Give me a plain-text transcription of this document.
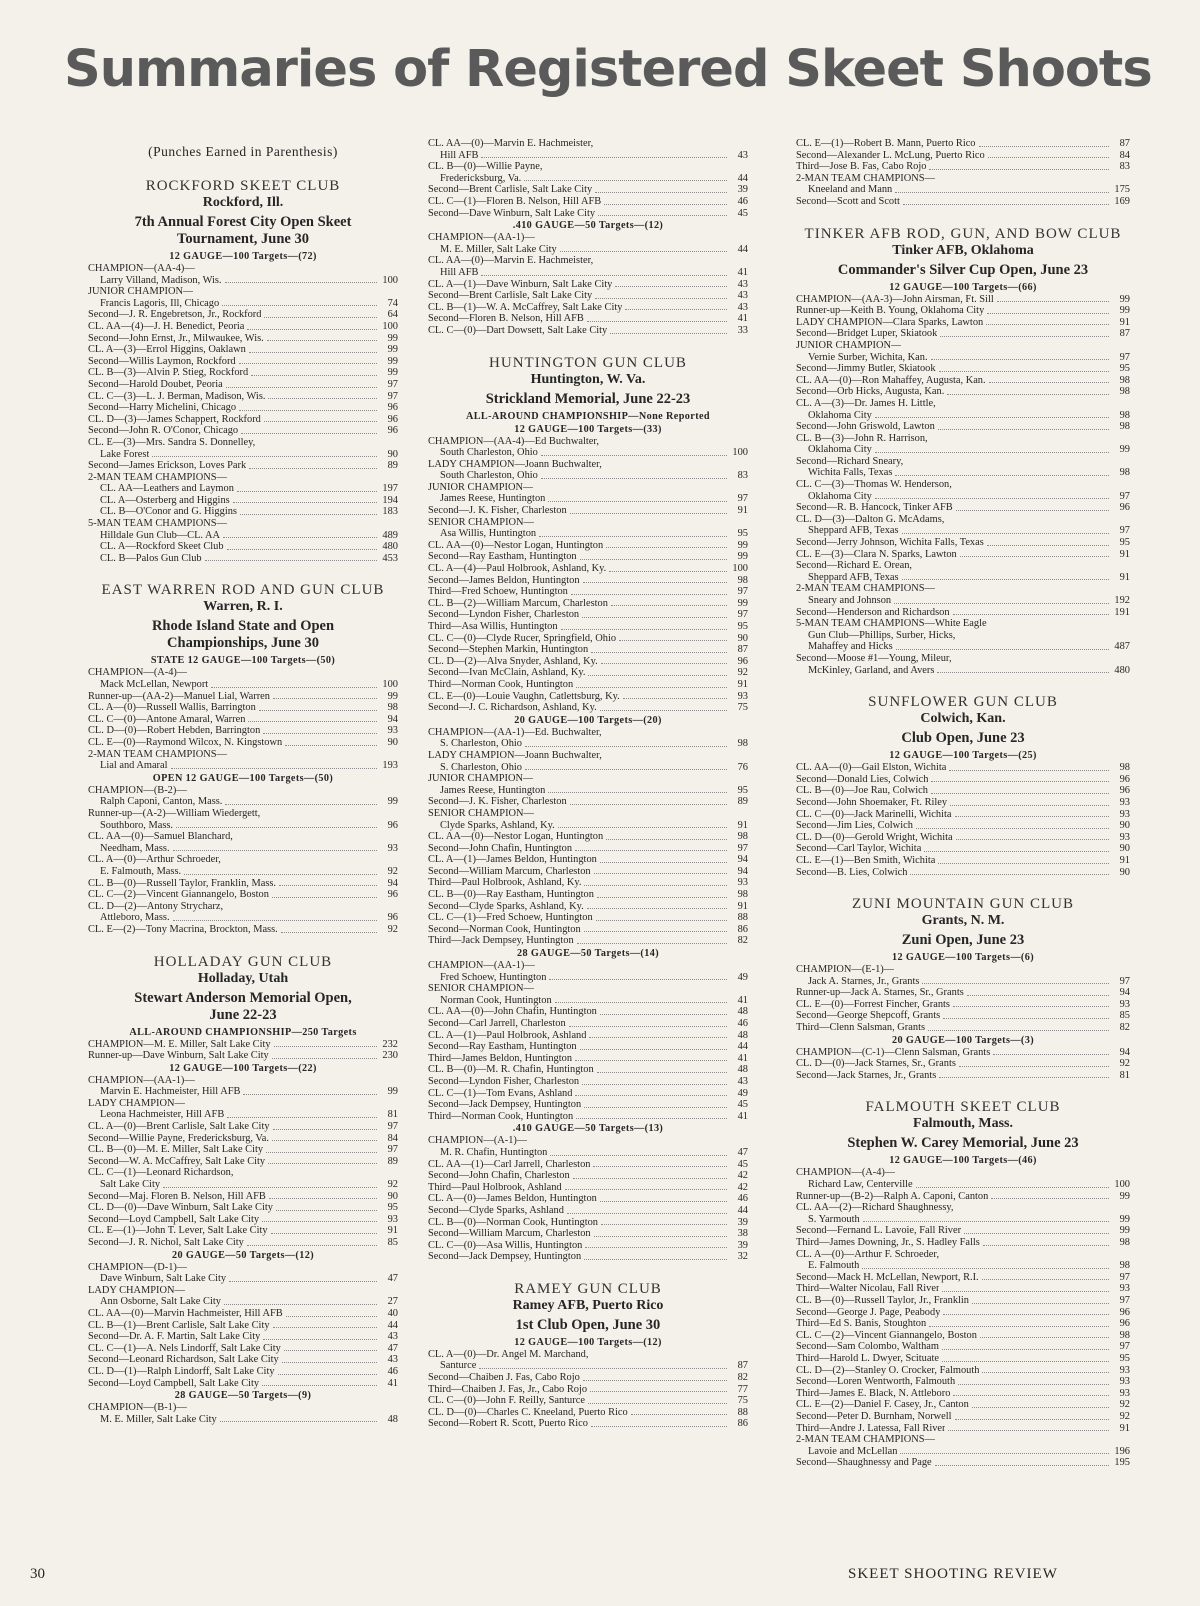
Summaries of Registered Skeet Shoots
(Punches Earned in Parenthesis)
ROCKFORD SKEET CLUB
Rockford, Ill.
7th Annual Forest City Open Skeet
Tournament, June 30
12 GAUGE—100 Targets—(72)
CHAMPION—(AA-4)—
Larry Villand, Madison, Wis.	100
JUNIOR CHAMPION—
Francis Lagoris, Ill, Chicago	74
Second—J. R. Engebretson, Jr., Rockford	64
CL. AA—(4)—J. H. Benedict, Peoria	100
Second—John Ernst, Jr., Milwaukee, Wis.	99
CL. A—(3)—Errol Higgins, Oaklawn	99
Second—Willis Laymon, Rockford	99
CL. B—(3)—Alvin P. Stieg, Rockford	99
Second—Harold Doubet, Peoria	97
CL. C—(3)—L. J. Berman, Madison, Wis.	97
Second—Harry Michelini, Chicago	96
CL. D—(3)—James Schappert, Rockford	96
Second—John R. O'Conor, Chicago	96
CL. E—(3)—Mrs. Sandra S. Donnelley,
Lake Forest	90
Second—James Erickson, Loves Park	89
2-MAN TEAM CHAMPIONS—
CL. AA—Leathers and Laymon	197
CL. A—Osterberg and Higgins	194
CL. B—O'Conor and G. Higgins	183
5-MAN TEAM CHAMPIONS—
Hilldale Gun Club—CL. AA	489
CL. A—Rockford Skeet Club	480
CL. B—Palos Gun Club	453
EAST WARREN ROD AND GUN CLUB
Warren, R. I.
Rhode Island State and Open
Championships, June 30
STATE 12 GAUGE—100 Targets—(50)
CHAMPION—(A-4)—
Mack McLellan, Newport	100
Runner-up—(AA-2)—Manuel Lial, Warren	99
CL. A—(0)—Russell Wallis, Barrington	98
CL. C—(0)—Antone Amaral, Warren	94
CL. D—(0)—Robert Hebden, Barrington	93
CL. E—(0)—Raymond Wilcox, N. Kingstown	90
2-MAN TEAM CHAMPIONS—
Lial and Amaral	193
OPEN 12 GAUGE—100 Targets—(50)
CHAMPION—(B-2)—
Ralph Caponi, Canton, Mass.	99
Runner-up—(A-2)—William Wiedergett,
Southboro, Mass.	96
CL. AA—(0)—Samuel Blanchard,
Needham, Mass.	93
CL. A—(0)—Arthur Schroeder,
E. Falmouth, Mass.	92
CL. B—(0)—Russell Taylor, Franklin, Mass.	94
CL. C—(2)—Vincent Giannangelo, Boston	96
CL. D—(2)—Antony Strycharz,
Attleboro, Mass.	96
CL. E—(2)—Tony Macrina, Brockton, Mass.	92
HOLLADAY GUN CLUB
Holladay, Utah
Stewart Anderson Memorial Open,
June 22-23
ALL-AROUND CHAMPIONSHIP—250 Targets
CHAMPION—M. E. Miller, Salt Lake City	232
Runner-up—Dave Winburn, Salt Lake City	230
12 GAUGE—100 Targets—(22)
CHAMPION—(AA-1)—
Marvin E. Hachmeister, Hill AFB	99
LADY CHAMPION—
Leona Hachmeister, Hill AFB	81
CL. A—(0)—Brent Carlisle, Salt Lake City	97
Second—Willie Payne, Fredericksburg, Va.	84
CL. B—(0)—M. E. Miller, Salt Lake City	97
Second—W. A. McCaffrey, Salt Lake City	89
CL. C—(1)—Leonard Richardson,
Salt Lake City	92
Second—Maj. Floren B. Nelson, Hill AFB	90
CL. D—(0)—Dave Winburn, Salt Lake City	95
Second—Loyd Campbell, Salt Lake City	93
CL. E—(1)—John T. Lever, Salt Lake City	91
Second—J. R. Nichol, Salt Lake City	85
20 GAUGE—50 Targets—(12)
CHAMPION—(D-1)—
Dave Winburn, Salt Lake City	47
LADY CHAMPION—
Ann Osborne, Salt Lake City	27
CL. AA—(0)—Marvin Hachmeister, Hill AFB	40
CL. B—(1)—Brent Carlisle, Salt Lake City	44
Second—Dr. A. F. Martin, Salt Lake City	43
CL. C—(1)—A. Nels Lindorff, Salt Lake City	47
Second—Leonard Richardson, Salt Lake City	43
CL. D—(1)—Ralph Lindorff, Salt Lake City	46
Second—Loyd Campbell, Salt Lake City	41
28 GAUGE—50 Targets—(9)
CHAMPION—(B-1)—
M. E. Miller, Salt Lake City	48
CL. AA—(0)—Marvin E. Hachmeister,
Hill AFB	43
CL. B—(0)—Willie Payne,
Fredericksburg, Va.	44
Second—Brent Carlisle, Salt Lake City	39
CL. C—(1)—Floren B. Nelson, Hill AFB	46
Second—Dave Winburn, Salt Lake City	45
.410 GAUGE—50 Targets—(12)
CHAMPION—(AA-1)—
M. E. Miller, Salt Lake City	44
CL. AA—(0)—Marvin E. Hachmeister,
Hill AFB	41
CL. A—(1)—Dave Winburn, Salt Lake City	43
Second—Brent Carlisle, Salt Lake City	43
CL. B—(1)—W. A. McCaffrey, Salt Lake City	43
Second—Floren B. Nelson, Hill AFB	41
CL. C—(0)—Dart Dowsett, Salt Lake City	33
HUNTINGTON GUN CLUB
Huntington, W. Va.
Strickland Memorial, June 22-23
ALL-AROUND CHAMPIONSHIP—None Reported
12 GAUGE—100 Targets—(33)
CHAMPION—(AA-4)—Ed Buchwalter,
South Charleston, Ohio	100
LADY CHAMPION—Joann Buchwalter,
South Charleston, Ohio	83
JUNIOR CHAMPION—
James Reese, Huntington	97
Second—J. K. Fisher, Charleston	91
SENIOR CHAMPION—
Asa Willis, Huntington	95
CL. AA—(0)—Nestor Logan, Huntington	99
Second—Ray Eastham, Huntington	99
CL. A—(4)—Paul Holbrook, Ashland, Ky.	100
Second—James Beldon, Huntington	98
Third—Fred Schoew, Huntington	97
CL. B—(2)—William Marcum, Charleston	99
Second—Lyndon Fisher, Charleston	97
Third—Asa Willis, Huntington	95
CL. C—(0)—Clyde Rucer, Springfield, Ohio	90
Second—Stephen Markin, Huntington	87
CL. D—(2)—Alva Snyder, Ashland, Ky.	96
Second—Ivan McClain, Ashland, Ky.	92
Third—Norman Cook, Huntington	91
CL. E—(0)—Louie Vaughn, Catlettsburg, Ky.	93
Second—J. C. Richardson, Ashland, Ky.	75
20 GAUGE—100 Targets—(20)
CHAMPION—(AA-1)—Ed. Buchwalter,
S. Charleston, Ohio	98
LADY CHAMPION—Joann Buchwalter,
S. Charleston, Ohio	76
JUNIOR CHAMPION—
James Reese, Huntington	95
Second—J. K. Fisher, Charleston	89
SENIOR CHAMPION—
Clyde Sparks, Ashland, Ky.	91
CL. AA—(0)—Nestor Logan, Huntington	98
Second—John Chafin, Huntington	97
CL. A—(1)—James Beldon, Huntington	94
Second—William Marcum, Charleston	94
Third—Paul Holbrook, Ashland, Ky.	93
CL. B—(0)—Ray Eastham, Huntington	98
Second—Clyde Sparks, Ashland, Ky.	91
CL. C—(1)—Fred Schoew, Huntington	88
Second—Norman Cook, Huntington	86
Third—Jack Dempsey, Huntington	82
28 GAUGE—50 Targets—(14)
CHAMPION—(AA-1)—
Fred Schoew, Huntington	49
SENIOR CHAMPION—
Norman Cook, Huntington	41
CL. AA—(0)—John Chafin, Huntington	48
Second—Carl Jarrell, Charleston	46
CL. A—(1)—Paul Holbrook, Ashland	48
Second—Ray Eastham, Huntington	44
Third—James Beldon, Huntington	41
CL. B—(0)—M. R. Chafin, Huntington	48
Second—Lyndon Fisher, Charleston	43
CL. C—(1)—Tom Evans, Ashland	49
Second—Jack Dempsey, Huntington	45
Third—Norman Cook, Huntington	41
.410 GAUGE—50 Targets—(13)
CHAMPION—(A-1)—
M. R. Chafin, Huntington	47
CL. AA—(1)—Carl Jarrell, Charleston	45
Second—John Chafin, Charleston	42
Third—Paul Holbrook, Ashland	42
CL. A—(0)—James Beldon, Huntington	46
Second—Clyde Sparks, Ashland	44
CL. B—(0)—Norman Cook, Huntington	39
Second—William Marcum, Charleston	38
CL. C—(0)—Asa Willis, Huntington	39
Second—Jack Dempsey, Huntington	32
RAMEY GUN CLUB
Ramey AFB, Puerto Rico
1st Club Open, June 30
12 GAUGE—100 Targets—(12)
CL. A—(0)—Dr. Angel M. Marchand,
Santurce	87
Second—Chaiben J. Fas, Cabo Rojo	82
Third—Chaiben J. Fas, Jr., Cabo Rojo	77
CL. C—(0)—John F. Reilly, Santurce	75
CL. D—(0)—Charles C. Kneeland, Puerto Rico	88
Second—Robert R. Scott, Puerto Rico	86
CL. E—(1)—Robert B. Mann, Puerto Rico	87
Second—Alexander L. McLung, Puerto Rico	84
Third—Jose B. Fas, Cabo Rojo	83
2-MAN TEAM CHAMPIONS—
Kneeland and Mann	175
Second—Scott and Scott	169
TINKER AFB ROD, GUN, AND BOW CLUB
Tinker AFB, Oklahoma
Commander's Silver Cup Open, June 23
12 GAUGE—100 Targets—(66)
CHAMPION—(AA-3)—John Airsman, Ft. Sill	99
Runner-up—Keith B. Young, Oklahoma City	99
LADY CHAMPION—Clara Sparks, Lawton	91
Second—Bridget Luper, Skiatook	87
JUNIOR CHAMPION—
Vernie Surber, Wichita, Kan.	97
Second—Jimmy Butler, Skiatook	95
CL. AA—(0)—Ron Mahaffey, Augusta, Kan.	98
Second—Orb Hicks, Augusta, Kan.	98
CL. A—(3)—Dr. James H. Little,
Oklahoma City	98
Second—John Griswold, Lawton	98
CL. B—(3)—John R. Harrison,
Oklahoma City	99
Second—Richard Sneary,
Wichita Falls, Texas	98
CL. C—(3)—Thomas W. Henderson,
Oklahoma City	97
Second—R. B. Hancock, Tinker AFB	96
CL. D—(3)—Dalton G. McAdams,
Sheppard AFB, Texas	97
Second—Jerry Johnson, Wichita Falls, Texas	95
CL. E—(3)—Clara N. Sparks, Lawton	91
Second—Richard E. Orean,
Sheppard AFB, Texas	91
2-MAN TEAM CHAMPIONS—
Sneary and Johnson	192
Second—Henderson and Richardson	191
5-MAN TEAM CHAMPIONS—White Eagle
Gun Club—Phillips, Surber, Hicks,
Mahaffey and Hicks	487
Second—Moose #1—Young, Mileur,
McKinley, Garland, and Avers	480
SUNFLOWER GUN CLUB
Colwich, Kan.
Club Open, June 23
12 GAUGE—100 Targets—(25)
CL. AA—(0)—Gail Elston, Wichita	98
Second—Donald Lies, Colwich	96
CL. B—(0)—Joe Rau, Colwich	96
Second—John Shoemaker, Ft. Riley	93
CL. C—(0)—Jack Marinelli, Wichita	93
Second—Jim Lies, Colwich	90
CL. D—(0)—Gerold Wright, Wichita	93
Second—Carl Taylor, Wichita	90
CL. E—(1)—Ben Smith, Wichita	91
Second—B. Lies, Colwich	90
ZUNI MOUNTAIN GUN CLUB
Grants, N. M.
Zuni Open, June 23
12 GAUGE—100 Targets—(6)
CHAMPION—(E-1)—
Jack A. Starnes, Jr., Grants	97
Runner-up—Jack A. Starnes, Sr., Grants	94
CL. E—(0)—Forrest Fincher, Grants	93
Second—George Shepcoff, Grants	85
Third—Clenn Salsman, Grants	82
20 GAUGE—100 Targets—(3)
CHAMPION—(C-1)—Clenn Salsman, Grants	94
CL. D—(0)—Jack Starnes, Sr., Grants	92
Second—Jack Starnes, Jr., Grants	81
FALMOUTH SKEET CLUB
Falmouth, Mass.
Stephen W. Carey Memorial, June 23
12 GAUGE—100 Targets—(46)
CHAMPION—(A-4)—
Richard Law, Centerville	100
Runner-up—(B-2)—Ralph A. Caponi, Canton	99
CL. AA—(2)—Richard Shaughnessy,
S. Yarmouth	99
Second—Fernand L. Lavoie, Fall River	99
Third—James Downing, Jr., S. Hadley Falls	98
CL. A—(0)—Arthur F. Schroeder,
E. Falmouth	98
Second—Mack H. McLellan, Newport, R.I.	97
Third—Walter Nicolau, Fall River	93
CL. B—(0)—Russell Taylor, Jr., Franklin	97
Second—George J. Page, Peabody	96
Third—Ed S. Banis, Stoughton	96
CL. C—(2)—Vincent Giannangelo, Boston	98
Second—Sam Colombo, Waltham	97
Third—Harold L. Dwyer, Scituate	95
CL. D—(2)—Stanley O. Crocker, Falmouth	93
Second—Loren Wentworth, Falmouth	93
Third—James E. Black, N. Attleboro	93
CL. E—(2)—Daniel F. Casey, Jr., Canton	92
Second—Peter D. Burnham, Norwell	92
Third—Andre J. Latessa, Fall River	91
2-MAN TEAM CHAMPIONS—
Lavoie and McLellan	196
Second—Shaughnessy and Page	195
30	SKEET SHOOTING REVIEW
